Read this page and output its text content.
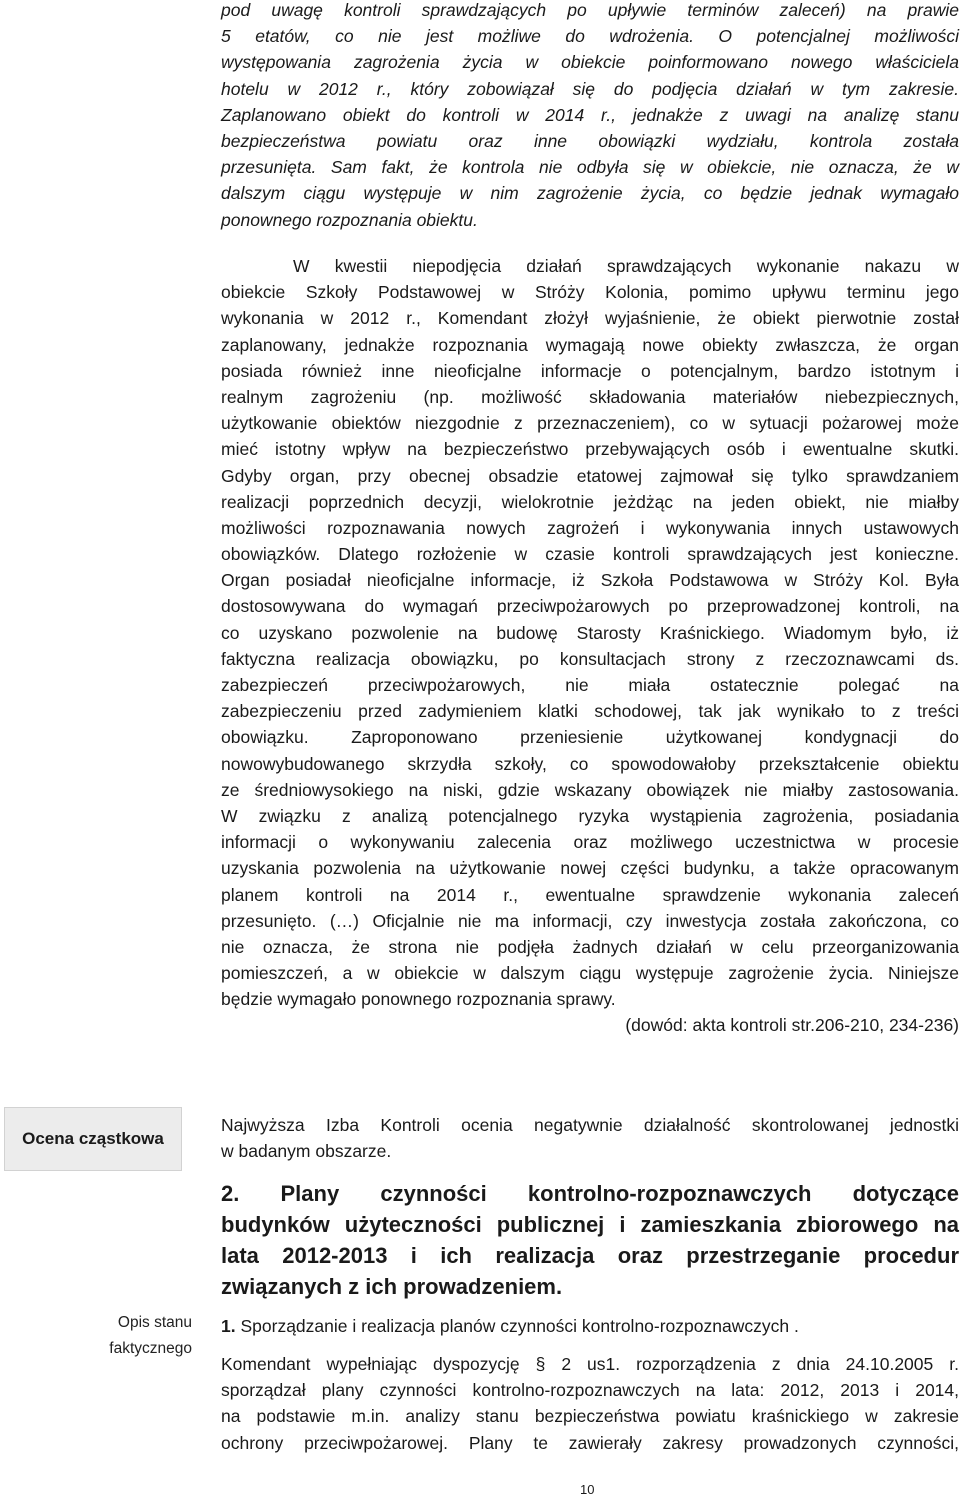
Ocena cząstkowa
Opis stanu
faktycznego
pod uwagę kontroli sprawdzających po upływie terminów zaleceń) na prawie
5 etatów, co nie jest możliwe do wdrożenia. O potencjalnej możliwości
występowania zagrożenia życia w obiekcie poinformowano nowego właściciela
hotelu w 2012 r., który zobowiązał się do podjęcia działań w tym zakresie.
Zaplanowano obiekt do kontroli w 2014 r., jednakże z uwagi na analizę stanu
bezpieczeństwa powiatu oraz inne obowiązki wydziału, kontrola została
przesunięta. Sam fakt, że kontrola nie odbyła się w obiekcie, nie oznacza, że w
dalszym ciągu występuje w nim zagrożenie życia, co będzie jednak wymagało
ponownego rozpoznania obiektu.
W kwestii niepodjęcia działań sprawdzających wykonanie nakazu w
obiekcie Szkoły Podstawowej w Stróży Kolonia, pomimo upływu terminu jego
wykonania w 2012 r., Komendant złożył wyjaśnienie, że obiekt pierwotnie został
zaplanowany, jednakże rozpoznania wymagają nowe obiekty zwłaszcza, że organ
posiada również inne nieoficjalne informacje o potencjalnym, bardzo istotnym i
realnym zagrożeniu (np. możliwość składowania materiałów niebezpiecznych,
użytkowanie obiektów niezgodnie z przeznaczeniem), co w sytuacji pożarowej może
mieć istotny wpływ na bezpieczeństwo przebywających osób i ewentualne skutki.
Gdyby organ, przy obecnej obsadzie etatowej zajmował się tylko sprawdzaniem
realizacji poprzednich decyzji, wielokrotnie jeżdżąc na jeden obiekt, nie miałby
możliwości rozpoznawania nowych zagrożeń i wykonywania innych ustawowych
obowiązków. Dlatego rozłożenie w czasie kontroli sprawdzających jest konieczne.
Organ posiadał nieoficjalne informacje, iż Szkoła Podstawowa w Stróży Kol. Była
dostosowywana do wymagań przeciwpożarowych po przeprowadzonej kontroli, na
co uzyskano pozwolenie na budowę Starosty Kraśnickiego. Wiadomym było, iż
faktyczna realizacja obowiązku, po konsultacjach strony z rzeczoznawcami ds.
zabezpieczeń przeciwpożarowych, nie miała ostatecznie polegać na
zabezpieczeniu przed zadymieniem klatki schodowej, tak jak wynikało to z treści
obowiązku. Zaproponowano przeniesienie użytkowanej kondygnacji do
nowowybudowanego skrzydła szkoły, co spowodowałoby przekształcenie obiektu
ze średniowysokiego na niski, gdzie wskazany obowiązek nie miałby zastosowania.
W związku z analizą potencjalnego ryzyka wystąpienia zagrożenia, posiadania
informacji o wykonywaniu zalecenia oraz możliwego uczestnictwa w procesie
uzyskania pozwolenia na użytkowanie nowej części budynku, a także opracowanym
planem kontroli na 2014 r., ewentualne sprawdzenie wykonania zaleceń
przesunięto. (…) Oficjalnie nie ma informacji, czy inwestycja została zakończona, co
nie oznacza, że strona nie podjęła żadnych działań w celu przeorganizowania
pomieszczeń, a w obiekcie w dalszym ciągu występuje zagrożenie życia. Niniejsze
będzie wymagało ponownego rozpoznania sprawy.
(dowód: akta kontroli str.206-210, 234-236)
Najwyższa Izba Kontroli ocenia negatywnie działalność skontrolowanej jednostki
w badanym obszarze.
2. Plany czynności kontrolno-rozpoznawczych dotyczące
budynków użyteczności publicznej i zamieszkania zbiorowego na
lata 2012-2013 i ich realizacja oraz przestrzeganie procedur
związanych z ich prowadzeniem.
1. Sporządzanie i realizacja planów czynności kontrolno-rozpoznawczych .
Komendant wypełniając dyspozycję § 2 us1. rozporządzenia z dnia 24.10.2005 r.
sporządzał plany czynności kontrolno-rozpoznawczych na lata: 2012, 2013 i 2014,
na podstawie m.in. analizy stanu bezpieczeństwa powiatu kraśnickiego w zakresie
ochrony przeciwpożarowej. Plany te zawierały zakresy prowadzonych czynności,
10
